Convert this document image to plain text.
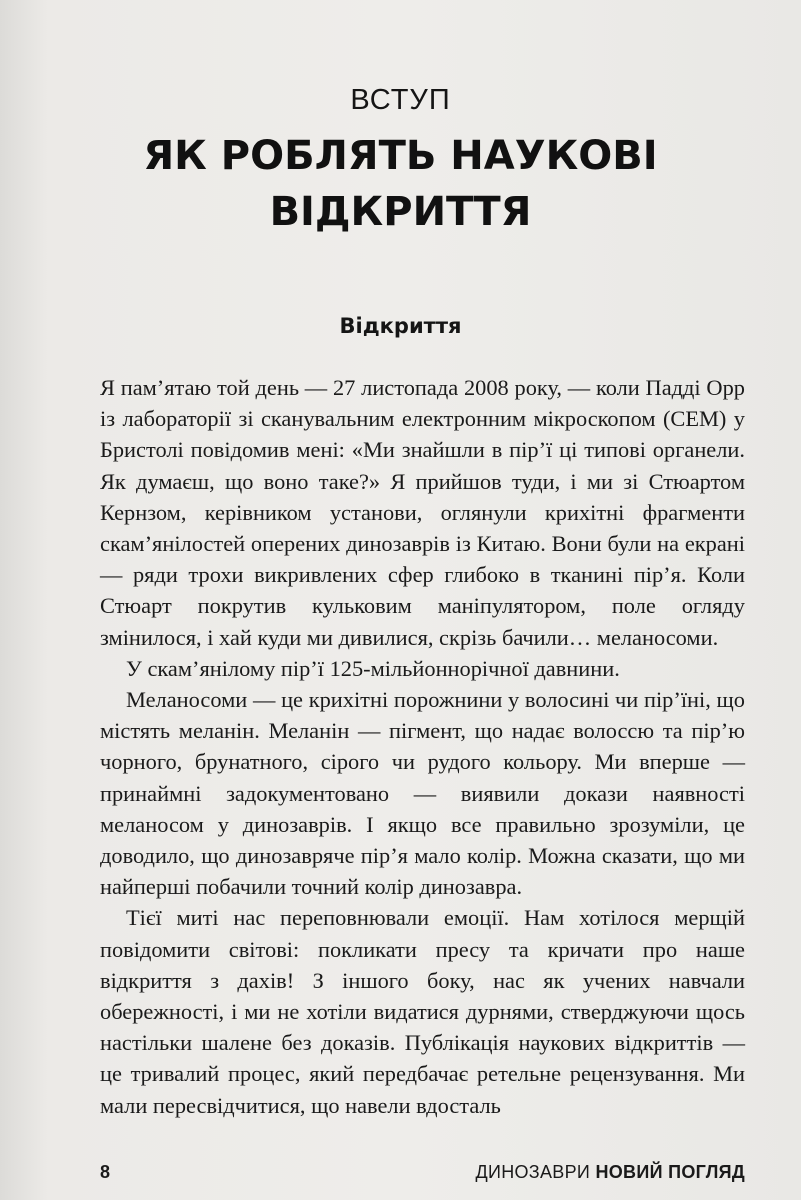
ВСТУП
ЯК РОБЛЯТЬ НАУКОВІ ВІДКРИТТЯ
Відкриття

Я пам’ятаю той день — 27 листопада 2008 року, — коли Падді Орр із лабораторії зі сканувальним електронним мікроскопом (СЕМ) у Бристолі повідомив мені: «Ми знайшли в пір’ї ці типові органели. Як думаєш, що воно таке?» Я прийшов туди, і ми зі Стюартом Кернзом, керівником установи, оглянули крихітні фрагменти скам’янілостей оперених динозаврів із Китаю. Вони були на екрані — ряди трохи викривлених сфер глибоко в тканині пір’я. Коли Стюарт покрутив кульковим маніпулятором, поле огляду змінилося, і хай куди ми дивилися, скрізь бачили… меланосоми.

У скам’янілому пір’ї 125-мільйоннорічної давнини.

Меланосоми — це крихітні порожнини у волосині чи пір’їні, що містять меланін. Меланін — пігмент, що надає волоссю та пір’ю чорного, брунатного, сірого чи рудого кольору. Ми вперше — принаймні задокументовано — виявили докази наявності меланосом у динозаврів. І якщо все правильно зрозуміли, це доводило, що динозавряче пір’я мало колір. Можна сказати, що ми найперші побачили точний колір динозавра.

Тієї миті нас переповнювали емоції. Нам хотілося мерщій повідомити світові: покликати пресу та кричати про наше відкриття з дахів! З іншого боку, нас як учених навчали обережності, і ми не хотіли видатися дурнями, стверджуючи щось настільки шалене без доказів. Публікація наукових відкриттів — це тривалий процес, який передбачає ретельне рецензування. Ми мали пересвідчитися, що навели вдосталь

8	ДИНОЗАВРИ НОВИЙ ПОГЛЯД
